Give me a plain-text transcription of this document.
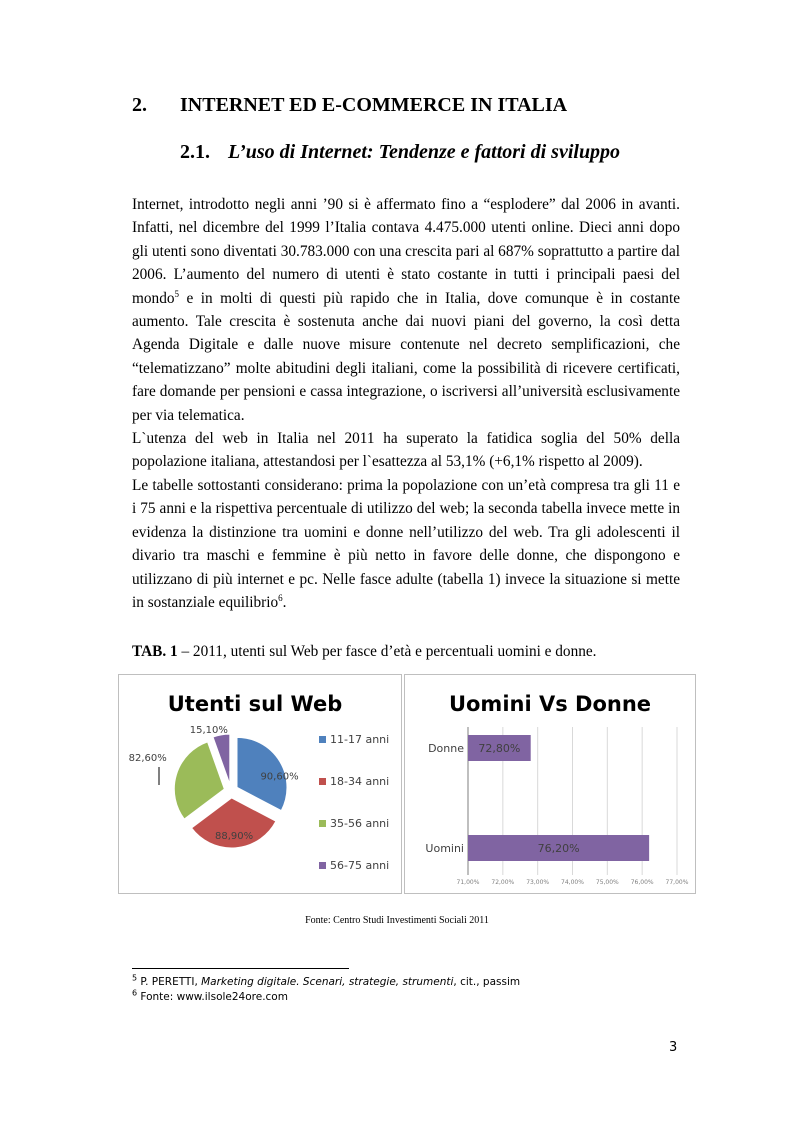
2. INTERNET ED E-COMMERCE IN ITALIA
2.1. L’uso di Internet: Tendenze e fattori di sviluppo

Internet, introdotto negli anni ’90 si è affermato fino a “esplodere” dal 2006 in avanti. Infatti, nel dicembre del 1999 l’Italia contava 4.475.000 utenti online. Dieci anni dopo gli utenti sono diventati 30.783.000 con una crescita pari al 687% soprattutto a partire dal 2006. L’aumento del numero di utenti è stato costante in tutti i principali paesi del mondo$^5$ e in molti di questi più rapido che in Italia, dove comunque è in costante aumento. Tale crescita è sostenuta anche dai nuovi piani del governo, la così detta Agenda Digitale e dalle nuove misure contenute nel decreto semplificazioni, che “telematizzano” molte abitudini degli italiani, come la possibilità di ricevere certificati, fare domande per pensioni e cassa integrazione, o iscriversi all’università esclusivamente per via telematica.

L`utenza del web in Italia nel 2011 ha superato la fatidica soglia del 50% della popolazione italiana, attestandosi per l`esattezza al 53,1% (+6,1% rispetto al 2009).

Le tabelle sottostanti considerano: prima la popolazione con un’età compresa tra gli 11 e i 75 anni e la rispettiva percentuale di utilizzo del web; la seconda tabella invece mette in evidenza la distinzione tra uomini e donne nell’utilizzo del web. Tra gli adolescenti il divario tra maschi e femmine è più netto in favore delle donne, che dispongono e utilizzano di più internet e pc. Nelle fasce adulte (tabella 1) invece la situazione si mette in sostanziale equilibrio$^6$.

TAB. 1 – 2011, utenti sul Web per fasce d’età e percentuali uomini e donne.
Utenti sul Web
90,60%
88,90%
82,60%
15,10%
11-17 anni
18-34 anni
35-56 anni
56-75 anni
Uomini Vs Donne
71,00% 72,00% 73,00% 74,00% 75,00% 76,00% 77,00%
Donne 72,80%
Uomini	76,20%
Fonte: Centro Studi Investimenti Sociali 2011
$^5$ P. PERETTI, Marketing digitale. Scenari, strategie, strumenti, cit., passim
$^6$ Fonte: www.ilsole24ore.com
3
